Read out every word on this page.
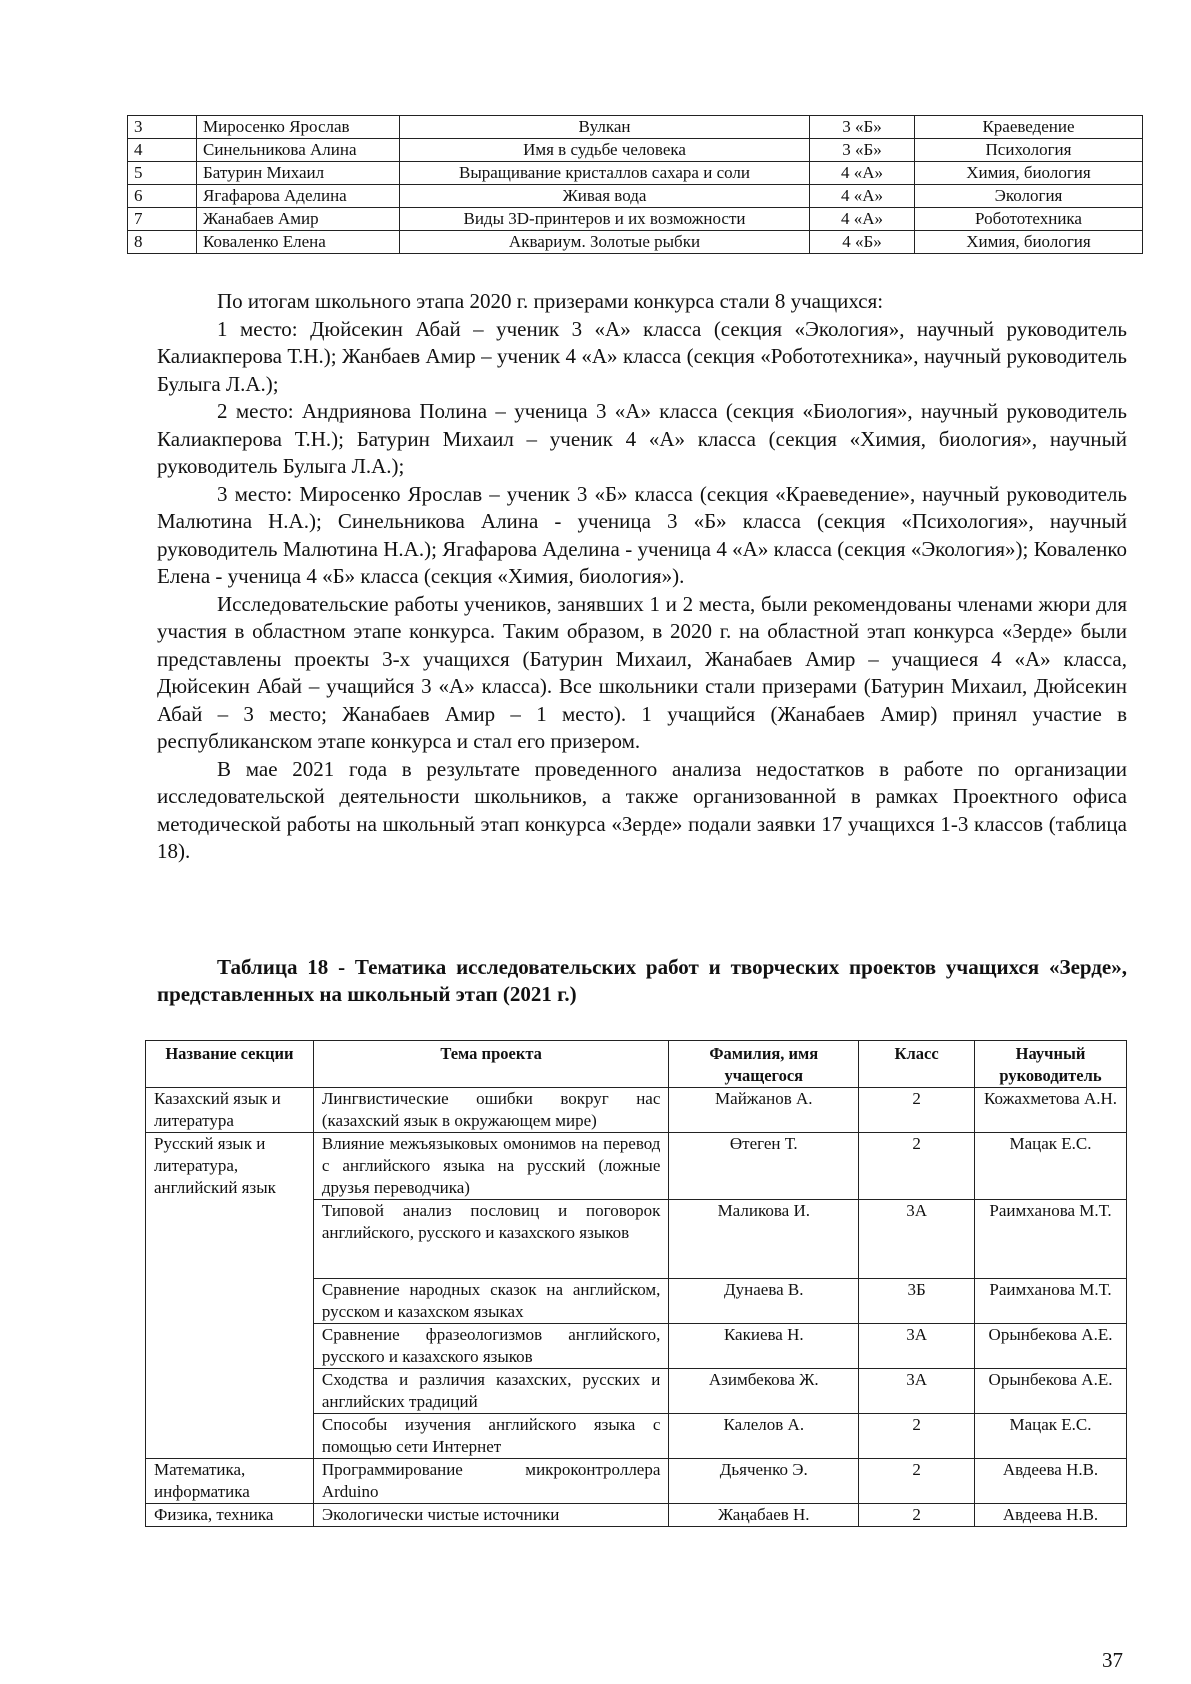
3	Миросенко Ярослав	Вулкан	3 «Б»	Краеведение
4	Синельникова Алина	Имя в судьбе человека	3 «Б»	Психология
5	Батурин Михаил	Выращивание кристаллов сахара и соли	4 «А»	Химия, биология
6	Ягафарова Аделина	Живая вода	4 «А»	Экология
7	Жанабаев Амир	Виды 3D-принтеров и их возможности	4 «А»	Робототехника
8	Коваленко Елена	Аквариум. Золотые рыбки	4 «Б»	Химия, биология

По итогам школьного этапа 2020 г. призерами конкурса стали 8 учащихся:

1 место: Дюйсекин Абай – ученик 3 «А» класса (секция «Экология», научный руководитель Калиакперова Т.Н.); Жанбаев Амир – ученик 4 «А» класса (секция «Робототехника», научный руководитель Булыга Л.А.);

2 место: Андриянова Полина – ученица 3 «А» класса (секция «Биология», научный руководитель Калиакперова Т.Н.); Батурин Михаил – ученик 4 «А» класса (секция «Химия, биология», научный руководитель Булыга Л.А.);

3 место: Миросенко Ярослав – ученик 3 «Б» класса (секция «Краеведение», научный руководитель Малютина Н.А.); Синельникова Алина - ученица 3 «Б» класса (секция «Психология», научный руководитель Малютина Н.А.); Ягафарова Аделина - ученица 4 «А» класса (секция «Экология»); Коваленко Елена - ученица 4 «Б» класса (секция «Химия, биология»).

Исследовательские работы учеников, занявших 1 и 2 места, были рекомендованы членами жюри для участия в областном этапе конкурса. Таким образом, в 2020 г. на областной этап конкурса «Зерде» были представлены проекты 3-х учащихся (Батурин Михаил, Жанабаев Амир – учащиеся 4 «А» класса, Дюйсекин Абай – учащийся 3 «А» класса). Все школьники стали призерами (Батурин Михаил, Дюйсекин Абай – 3 место; Жанабаев Амир – 1 место). 1 учащийся (Жанабаев Амир) принял участие в республиканском этапе конкурса и стал его призером.

В мае 2021 года в результате проведенного анализа недостатков в работе по организации исследовательской деятельности школьников, а также организованной в рамках Проектного офиса методической работы на школьный этап конкурса «Зерде» подали заявки 17 учащихся 1-3 классов (таблица 18).

Таблица 18 - Тематика исследовательских работ и творческих проектов учащихся «Зерде», представленных на школьный этап (2021 г.)
Название секции	Тема проекта	Фамилия, имя учащегося	Класс	Научный руководитель
Казахский язык и литература	Лингвистические ошибки вокруг нас (казахский язык в окружающем мире)	Майжанов А.	2	Кожахметова А.Н.
Русский язык и литература, английский язык	Влияние межъязыковых омонимов на перевод с английского языка на русский (ложные друзья переводчика)	Өтеген Т.	2	Мацак Е.С.
	Типовой анализ пословиц и поговорок английского, русского и казахского языков	Маликова И.	3А	Раимханова М.Т.
	Сравнение народных сказок на английском, русском и казахском языках	Дунаева В.	3Б	Раимханова М.Т.
	Сравнение фразеологизмов английского, русского и казахского языков	Какиева Н.	3А	Орынбекова А.Е.
	Сходства и различия казахских, русских и английских традиций	Азимбекова Ж.	3А	Орынбекова А.Е.
	Способы изучения английского языка с помощью сети Интернет	Калелов А.	2	Мацак Е.С.
Математика, информатика	Программирование микроконтроллера Arduino	Дьяченко Э.	2	Авдеева Н.В.
Физика, техника	Экологически чистые источники	Жаңабаев Н.	2	Авдеева Н.В.
37
